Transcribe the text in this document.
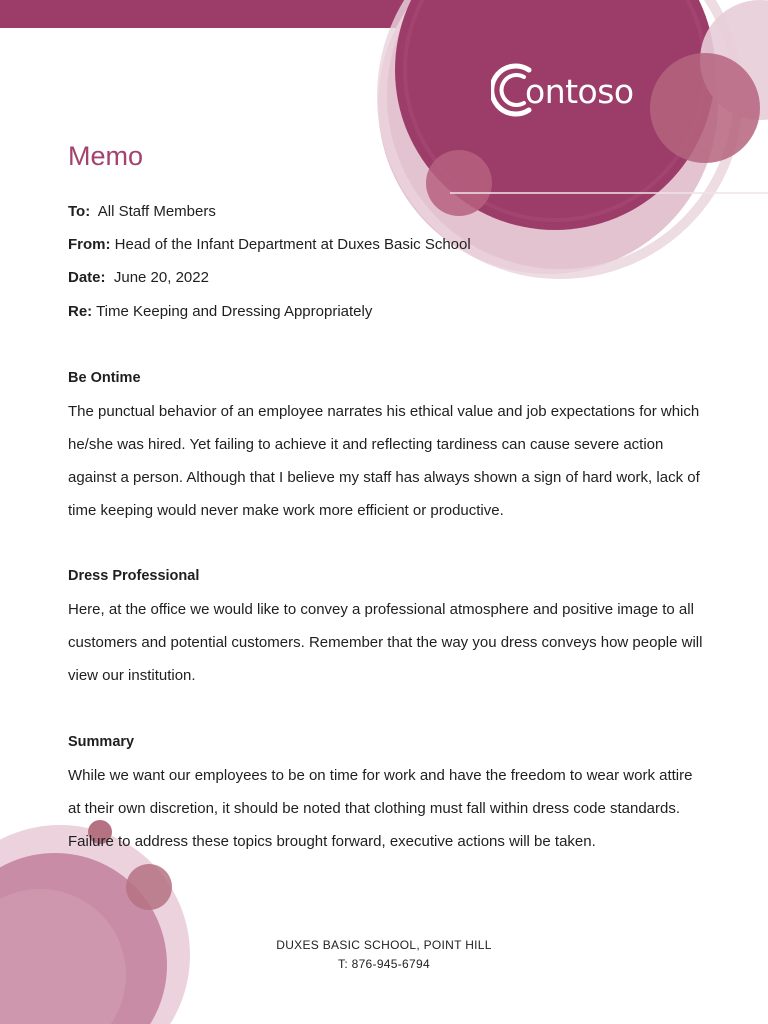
ontoso
Memo
To: All Staff Members
From: Head of the Infant Department at Duxes Basic School
Date: June 20, 2022
Re: Time Keeping and Dressing Appropriately
Be Ontime

The punctual behavior of an employee narrates his ethical value and job expectations for which he/she was hired. Yet failing to achieve it and reflecting tardiness can cause severe action against a person. Although that I believe my staff has always shown a sign of hard work, lack of time keeping would never make work more efficient or productive.

Dress Professional

Here, at the office we would like to convey a professional atmosphere and positive image to all customers and potential customers. Remember that the way you dress conveys how people will view our institution.

Summary

While we want our employees to be on time for work and have the freedom to wear work attire at their own discretion, it should be noted that clothing must fall within dress code standards. Failure to address these topics brought forward, executive actions will be taken.

DUXES BASIC SCHOOL, POINT HILL
T: 876-945-6794
